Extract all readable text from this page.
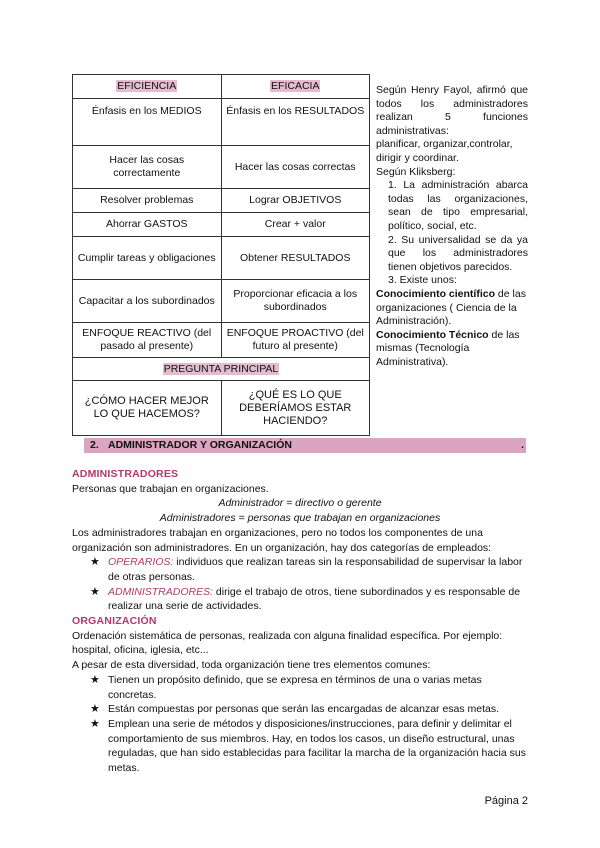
EFICIENCIA	EFICACIA
Énfasis en los MEDIOS	Énfasis en los RESULTADOS
Hacer las cosas correctamente	Hacer las cosas correctas
Resolver problemas	Lograr OBJETIVOS
Ahorrar GASTOS	Crear + valor
Cumplir tareas y obligaciones	Obtener RESULTADOS
Capacitar a los subordinados	Proporcionar eficacia a los subordinados
ENFOQUE REACTIVO (del pasado al presente)	ENFOQUE PROACTIVO (del futuro al presente)
PREGUNTA PRINCIPAL	
¿CÓMO HACER MEJOR LO QUE HACEMOS?	¿QUÉ ES LO QUE DEBERÍAMOS ESTAR HACIENDO?

Según Henry Fayol, afirmó que todos los administradores realizan 5 funciones administrativas:

planificar, organizar,controlar, dirigir y coordinar.

Según Kliksberg:

1. La administración abarca todas las organizaciones, sean de tipo empresarial, político, social, etc.

2. Su universalidad se da ya que los administradores tienen objetivos parecidos.

3. Existe unos:

Conocimiento científico de las organizaciones ( Ciencia de la Administración).

Conocimiento Técnico de las mismas (Tecnología Administrativa).

2. ADMINISTRADOR Y ORGANIZACIÓN	.

ADMINISTRADORES

Personas que trabajan en organizaciones.

Administrador = directivo o gerente

Administradores = personas que trabajan en organizaciones

Los administradores trabajan en organizaciones, pero no todos los componentes de una organización son administradores. En un organización, hay dos categorías de empleados:

★ OPERARIOS: individuos que realizan tareas sin la responsabilidad de supervisar la labor de otras personas.
★ ADMINISTRADORES: dirige el trabajo de otros, tiene subordinados y es responsable de realizar una serie de actividades.

ORGANIZACIÓN

Ordenación sistemática de personas, realizada con alguna finalidad específica. Por ejemplo: hospital, oficina, iglesia, etc...

A pesar de esta diversidad, toda organización tiene tres elementos comunes:

★ Tienen un propósito definido, que se expresa en términos de una o varias metas concretas.
★ Están compuestas por personas que serán las encargadas de alcanzar esas metas.
★ Emplean una serie de métodos y disposiciones/instrucciones, para definir y delimitar el comportamiento de sus miembros. Hay, en todos los casos, un diseño estructural, unas reguladas, que han sido establecidas para facilitar la marcha de la organización hacia sus metas.
Página 2
